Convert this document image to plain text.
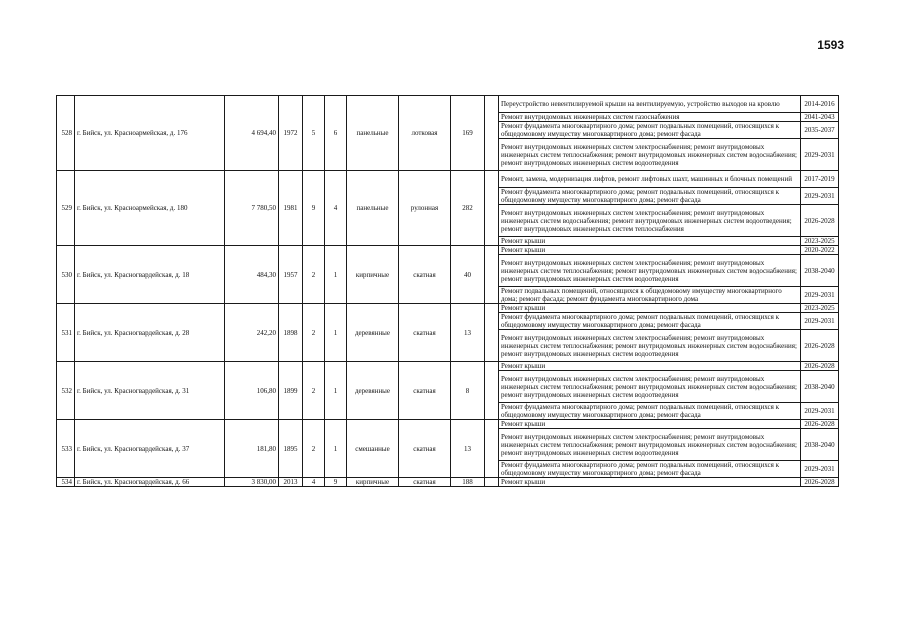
1593
528	г. Бийск, ул. Красноармейская, д. 176	4 694,40	1972	5	6	панельные	лотковая	169		Переустройство невентилируемой крыши на вентилируемую, устройство выходов на кровлю	2014-2016
										Ремонт внутридомовых инженерных систем газоснабжения	2041-2043
										Ремонт фундамента многоквартирного дома; ремонт подвальных помещений, относящихся к общедомовому имуществу многоквартирного дома; ремонт фасада	2035-2037
										Ремонт внутридомовых инженерных систем электроснабжения; ремонт внутридомовых инженерных систем теплоснабжения; ремонт внутридомовых инженерных систем водоснабжения; ремонт внутридомовых инженерных систем водоотведения	2029-2031
529	г. Бийск, ул. Красноармейская, д. 180	7 780,50	1981	9	4	панельные	рулонная	282		Ремонт, замена, модернизация лифтов, ремонт лифтовых шахт, машинных и блочных помещений	2017-2019
										Ремонт фундамента многоквартирного дома; ремонт подвальных помещений, относящихся к общедомовому имуществу многоквартирного дома; ремонт фасада	2029-2031
										Ремонт внутридомовых инженерных систем электроснабжения; ремонт внутридомовых инженерных систем водоснабжения; ремонт внутридомовых инженерных систем водоотведения; ремонт внутридомовых инженерных систем теплоснабжения	2026-2028
										Ремонт крыши	2023-2025
530	г. Бийск, ул. Красногвардейская, д. 18	484,30	1957	2	1	кирпичные	скатная	40		Ремонт крыши	2020-2022
										Ремонт внутридомовых инженерных систем электроснабжения; ремонт внутридомовых инженерных систем теплоснабжения; ремонт внутридомовых инженерных систем водоснабжения; ремонт внутридомовых инженерных систем водоотведения	2038-2040
										Ремонт подвальных помещений, относящихся к общедомовому имуществу многоквартирного дома; ремонт фасада; ремонт фундамента многоквартирного дома	2029-2031
531	г. Бийск, ул. Красногвардейская, д. 28	242,20	1898	2	1	деревянные	скатная	13		Ремонт крыши	2023-2025
										Ремонт фундамента многоквартирного дома; ремонт подвальных помещений, относящихся к общедомовому имуществу многоквартирного дома; ремонт фасада	2029-2031
										Ремонт внутридомовых инженерных систем электроснабжения; ремонт внутридомовых инженерных систем теплоснабжения; ремонт внутридомовых инженерных систем водоснабжения; ремонт внутридомовых инженерных систем водоотведения	2026-2028
532	г. Бийск, ул. Красногвардейская, д. 31	106,80	1899	2	1	деревянные	скатная	8		Ремонт крыши	2026-2028
										Ремонт внутридомовых инженерных систем электроснабжения; ремонт внутридомовых инженерных систем теплоснабжения; ремонт внутридомовых инженерных систем водоснабжения; ремонт внутридомовых инженерных систем водоотведения	2038-2040
										Ремонт фундамента многоквартирного дома; ремонт подвальных помещений, относящихся к общедомовому имуществу многоквартирного дома; ремонт фасада	2029-2031
533	г. Бийск, ул. Красногвардейская, д. 37	181,80	1895	2	1	смешанные	скатная	13		Ремонт крыши	2026-2028
										Ремонт внутридомовых инженерных систем электроснабжения; ремонт внутридомовых инженерных систем теплоснабжения; ремонт внутридомовых инженерных систем водоснабжения; ремонт внутридомовых инженерных систем водоотведения	2038-2040
										Ремонт фундамента многоквартирного дома; ремонт подвальных помещений, относящихся к общедомовому имуществу многоквартирного дома; ремонт фасада	2029-2031
534	г. Бийск, ул. Красногвардейская, д. 66	3 830,00	2013	4	9	кирпичные	скатная	188		Ремонт крыши	2026-2028
